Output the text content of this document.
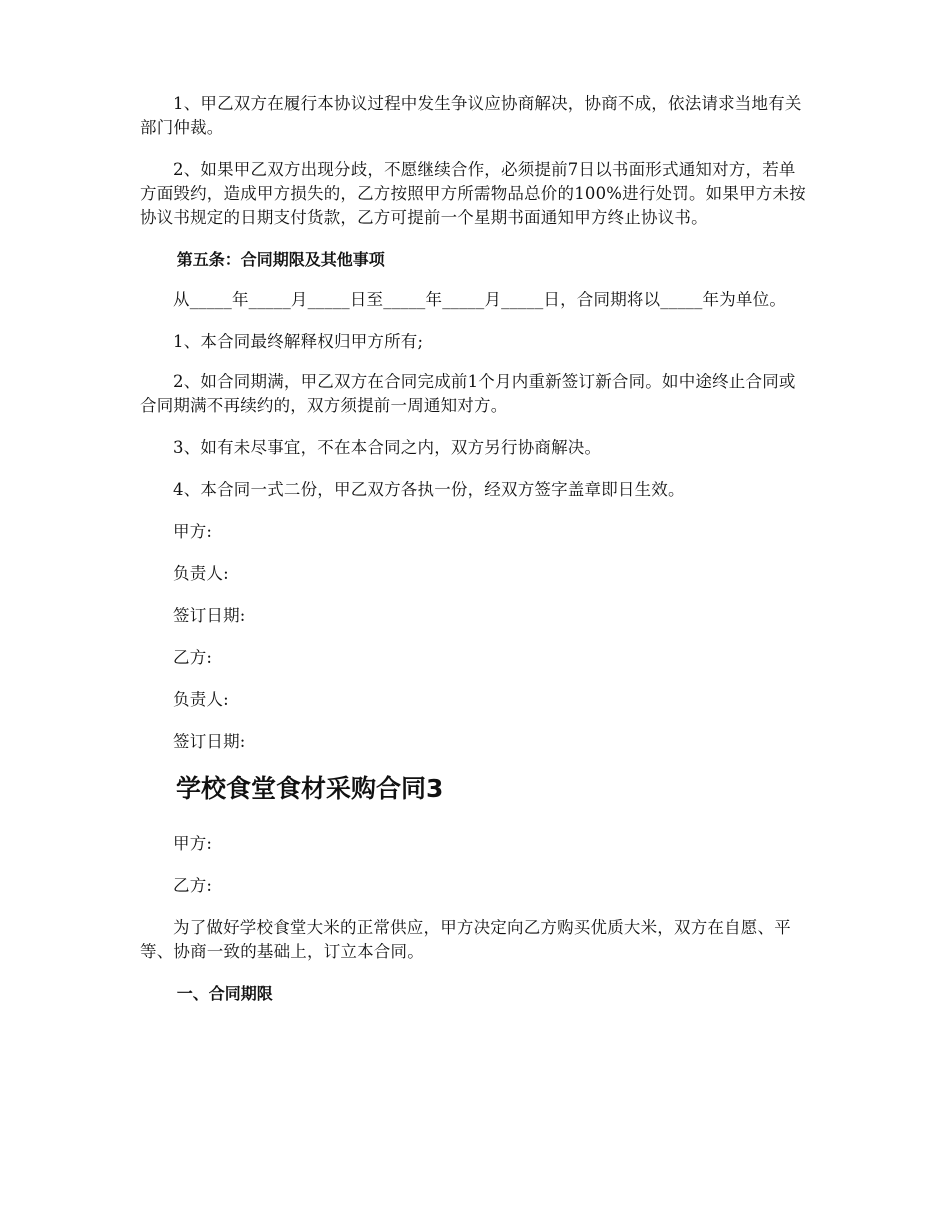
1、甲乙双方在履行本协议过程中发生争议应协商解决，协商不成，依法请求当地有关部门仲裁。

2、如果甲乙双方出现分歧，不愿继续合作，必须提前7日以书面形式通知对方，若单方面毁约，造成甲方损失的，乙方按照甲方所需物品总价的100%进行处罚。如果甲方未按协议书规定的日期支付货款，乙方可提前一个星期书面通知甲方终止协议书。

第五条：合同期限及其他事项

从_____年_____月_____日至_____年_____月_____日，合同期将以_____年为单位。

1、本合同最终解释权归甲方所有;

2、如合同期满，甲乙双方在合同完成前1个月内重新签订新合同。如中途终止合同或合同期满不再续约的，双方须提前一周通知对方。

3、如有未尽事宜，不在本合同之内，双方另行协商解决。

4、本合同一式二份，甲乙双方各执一份，经双方签字盖章即日生效。

甲方:

负责人:

签订日期:

乙方:

负责人:

签订日期:

学校食堂食材采购合同3

甲方:

乙方:

为了做好学校食堂大米的正常供应，甲方决定向乙方购买优质大米，双方在自愿、平等、协商一致的基础上，订立本合同。

一、合同期限
